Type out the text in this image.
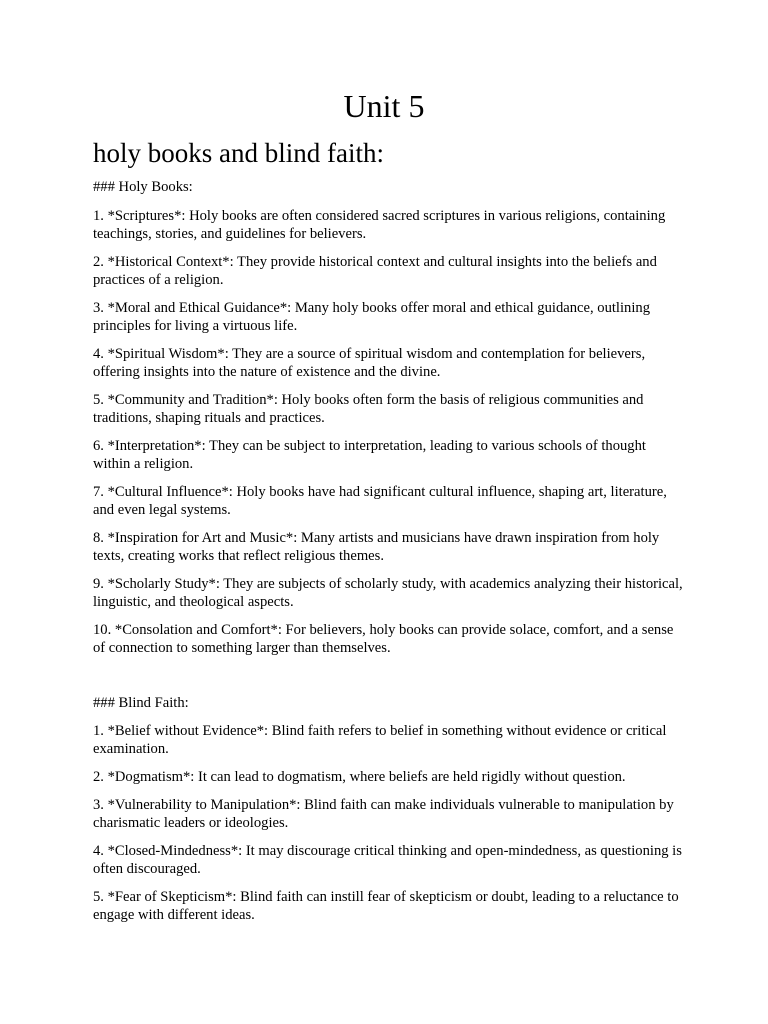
Unit 5
holy books and blind faith:

### Holy Books:

1. *Scriptures*: Holy books are often considered sacred scriptures in various religions, containing teachings, stories, and guidelines for believers.

2. *Historical Context*: They provide historical context and cultural insights into the beliefs and practices of a religion.

3. *Moral and Ethical Guidance*: Many holy books offer moral and ethical guidance, outlining principles for living a virtuous life.

4. *Spiritual Wisdom*: They are a source of spiritual wisdom and contemplation for believers, offering insights into the nature of existence and the divine.

5. *Community and Tradition*: Holy books often form the basis of religious communities and traditions, shaping rituals and practices.

6. *Interpretation*: They can be subject to interpretation, leading to various schools of thought within a religion.

7. *Cultural Influence*: Holy books have had significant cultural influence, shaping art, literature, and even legal systems.

8. *Inspiration for Art and Music*: Many artists and musicians have drawn inspiration from holy texts, creating works that reflect religious themes.

9. *Scholarly Study*: They are subjects of scholarly study, with academics analyzing their historical, linguistic, and theological aspects.

10. *Consolation and Comfort*: For believers, holy books can provide solace, comfort, and a sense of connection to something larger than themselves.

### Blind Faith:

1. *Belief without Evidence*: Blind faith refers to belief in something without evidence or critical examination.

2. *Dogmatism*: It can lead to dogmatism, where beliefs are held rigidly without question.

3. *Vulnerability to Manipulation*: Blind faith can make individuals vulnerable to manipulation by charismatic leaders or ideologies.

4. *Closed-Mindedness*: It may discourage critical thinking and open-mindedness, as questioning is often discouraged.

5. *Fear of Skepticism*: Blind faith can instill fear of skepticism or doubt, leading to a reluctance to engage with different ideas.
